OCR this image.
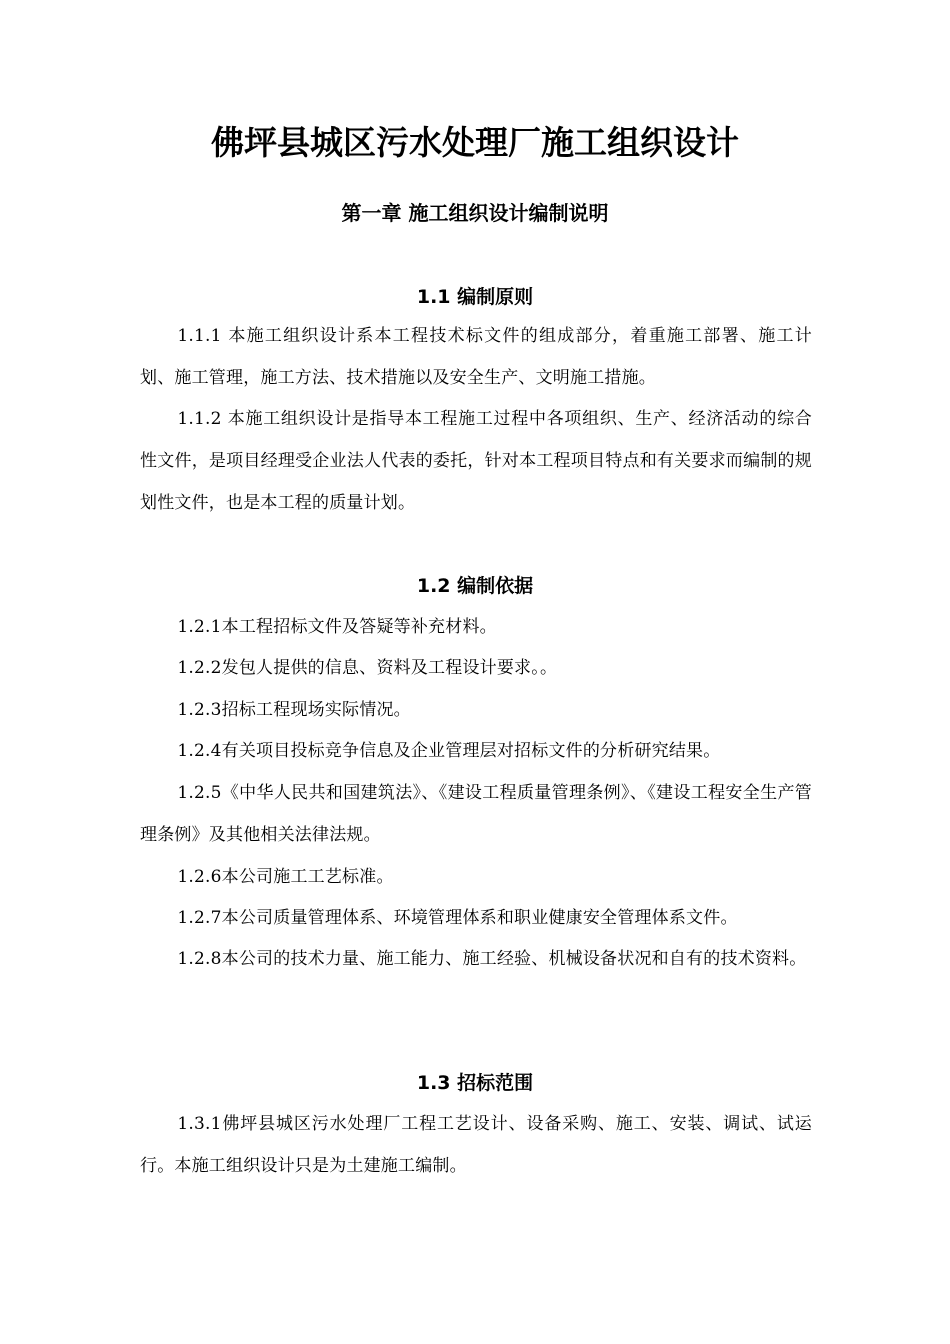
佛坪县城区污水处理厂施工组织设计
第一章 施工组织设计编制说明
1.1 编制原则

1.1.1 本施工组织设计系本工程技术标文件的组成部分，着重施工部署、施工计划、施工管理，施工方法、技术措施以及安全生产、文明施工措施。

1.1.2 本施工组织设计是指导本工程施工过程中各项组织、生产、经济活动的综合性文件，是项目经理受企业法人代表的委托，针对本工程项目特点和有关要求而编制的规划性文件，也是本工程的质量计划。

1.2 编制依据

1.2.1本工程招标文件及答疑等补充材料。

1.2.2发包人提供的信息、资料及工程设计要求。。

1.2.3招标工程现场实际情况。

1.2.4有关项目投标竞争信息及企业管理层对招标文件的分析研究结果。

1.2.5《中华人民共和国建筑法》、《建设工程质量管理条例》、《建设工程安全生产管理条例》及其他相关法律法规。

1.2.6本公司施工工艺标准。

1.2.7本公司质量管理体系、环境管理体系和职业健康安全管理体系文件。

1.2.8本公司的技术力量、施工能力、施工经验、机械设备状况和自有的技术资料。

1.3 招标范围

1.3.1佛坪县城区污水处理厂工程工艺设计、设备采购、施工、安装、调试、试运行。本施工组织设计只是为土建施工编制。
